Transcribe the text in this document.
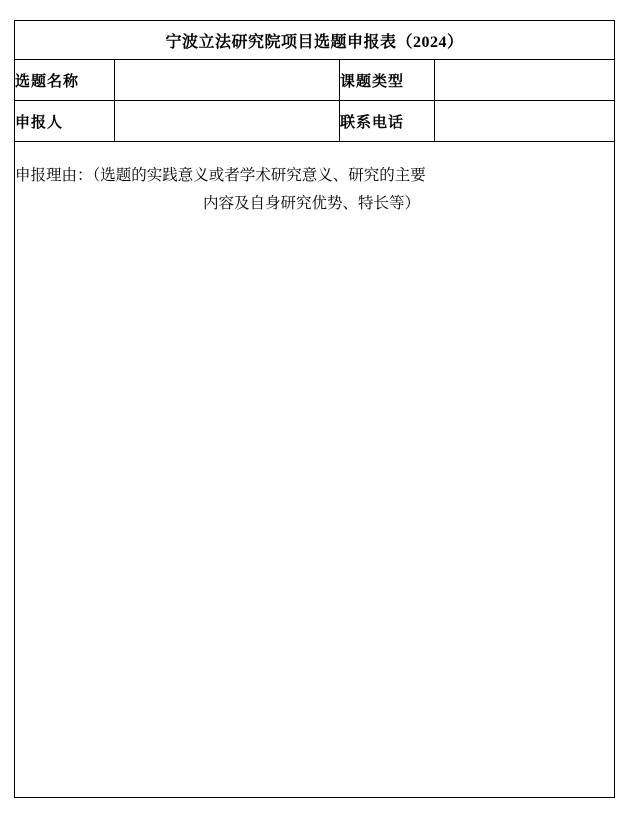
宁波立法研究院项目选题申报表（2024）			
选题名称		课题类型	
申报人		联系电话	

申报理由：（选题的实践意义或者学术研究意义、研究的主要
内容及自身研究优势、特长等）			
